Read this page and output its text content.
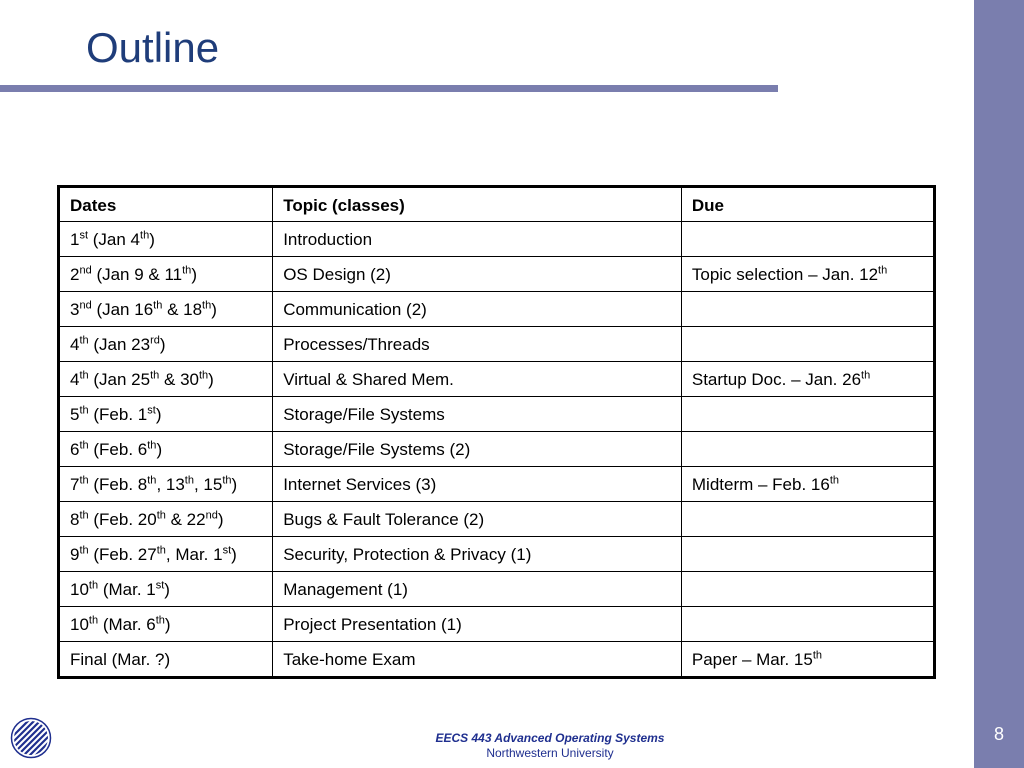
8
Outline
Dates	Topic (classes)	Due
1st (Jan 4th)	Introduction	
2nd (Jan 9 & 11th)	OS Design (2)	Topic selection – Jan. 12th
3nd (Jan 16th & 18th)	Communication (2)	
4th (Jan 23rd)	Processes/Threads	
4th (Jan 25th & 30th)	Virtual & Shared Mem.	Startup Doc. – Jan. 26th
5th (Feb. 1st)	Storage/File Systems	
6th (Feb. 6th)	Storage/File Systems (2)	
7th (Feb. 8th, 13th, 15th)	Internet Services (3)	Midterm – Feb. 16th
8th (Feb. 20th & 22nd)	Bugs & Fault Tolerance (2)	
9th (Feb. 27th, Mar. 1st)	Security, Protection & Privacy (1)	
10th (Mar. 1st)	Management (1)	
10th (Mar. 6th)	Project Presentation (1)	
Final (Mar. ?)	Take-home Exam	Paper – Mar. 15th
EECS 443 Advanced Operating Systems
Northwestern University
